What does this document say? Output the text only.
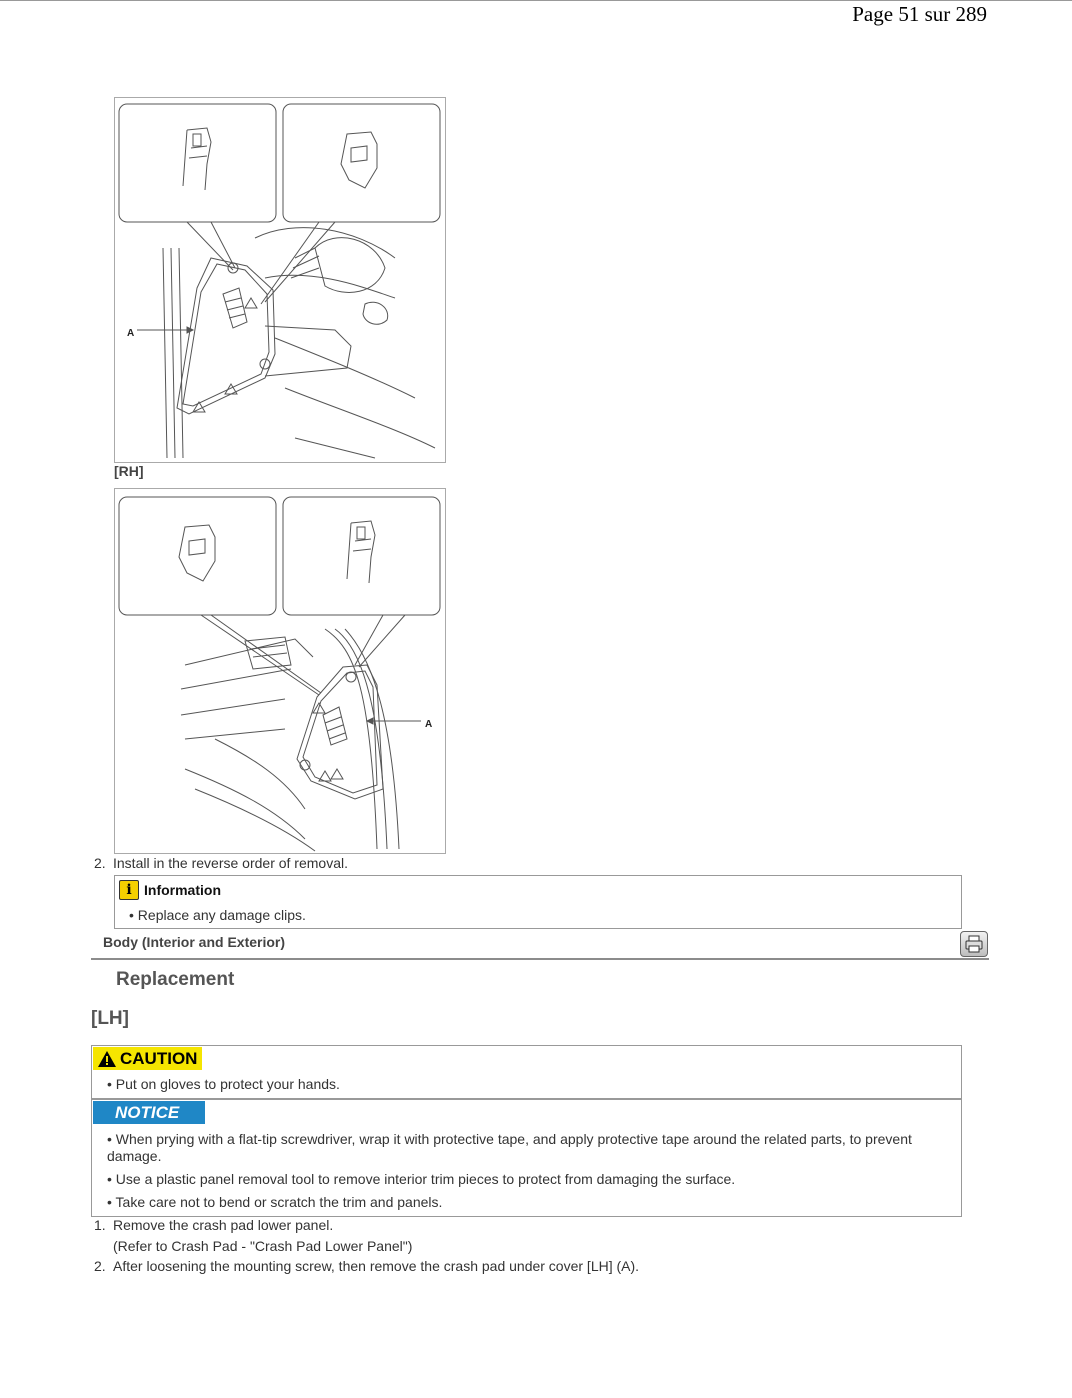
Page 51 sur 289
A
[RH]
A
2. Install in the reverse order of removal.
i Information
• Replace any damage clips.
Body (Interior and Exterior)
Replacement
[LH]
CAUTION
• Put on gloves to protect your hands.
NOTICE
• When prying with a flat-tip screwdriver, wrap it with protective tape, and apply protective tape around the related parts, to prevent damage.
• Use a plastic panel removal tool to remove interior trim pieces to protect from damaging the surface.
• Take care not to bend or scratch the trim and panels.
1. Remove the crash pad lower panel.
(Refer to Crash Pad - "Crash Pad Lower Panel")
2. After loosening the mounting screw, then remove the crash pad under cover [LH] (A).
